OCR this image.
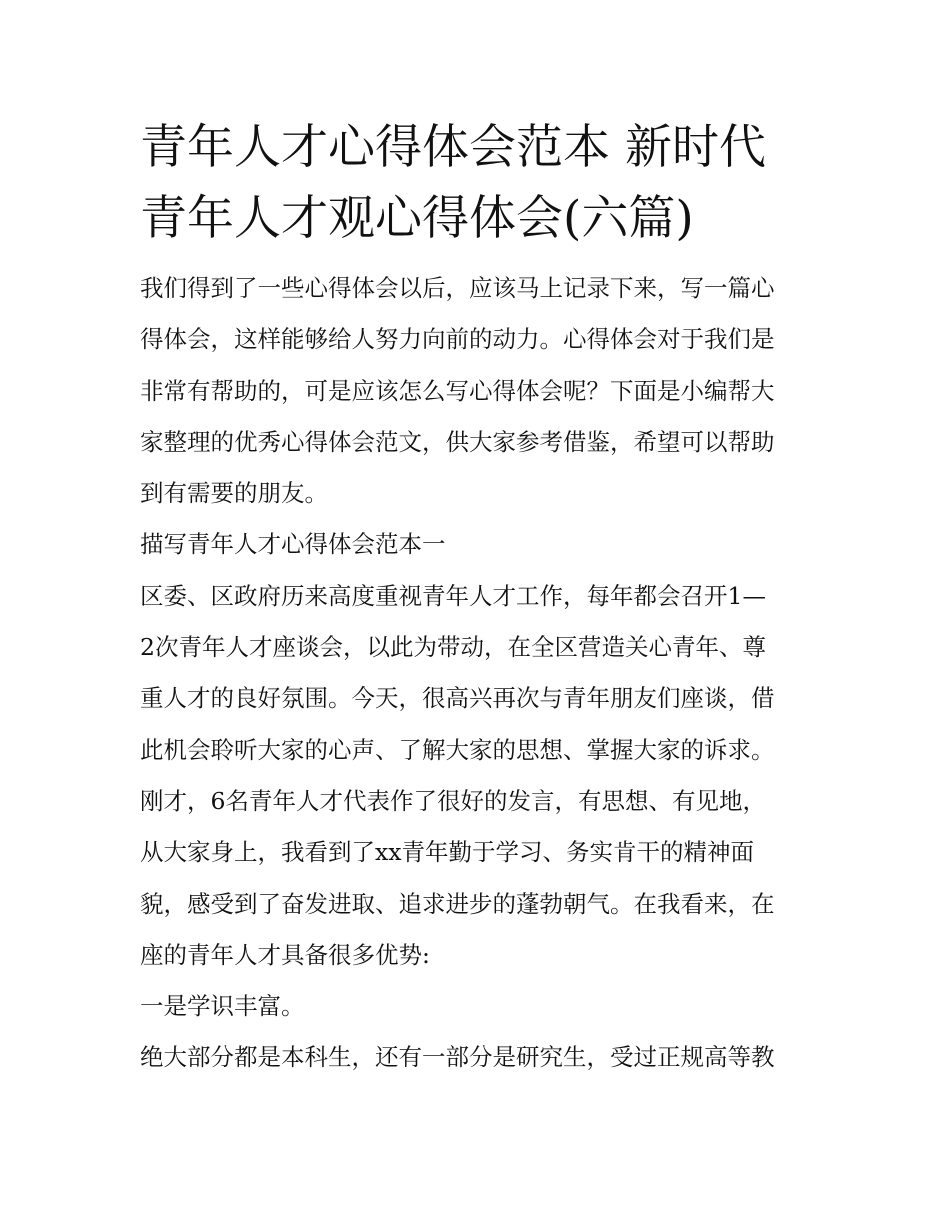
青年人才心得体会范本 新时代
青年人才观心得体会(六篇)

我们得到了一些心得体会以后，应该马上记录下来，写一篇心
得体会，这样能够给人努力向前的动力。心得体会对于我们是
非常有帮助的，可是应该怎么写心得体会呢？下面是小编帮大
家整理的优秀心得体会范文，供大家参考借鉴，希望可以帮助
到有需要的朋友。

描写青年人才心得体会范本一

区委、区政府历来高度重视青年人才工作，每年都会召开1—
2次青年人才座谈会，以此为带动，在全区营造关心青年、尊
重人才的良好氛围。今天，很高兴再次与青年朋友们座谈，借
此机会聆听大家的心声、了解大家的思想、掌握大家的诉求。
刚才，6名青年人才代表作了很好的发言，有思想、有见地，
从大家身上，我看到了xx青年勤于学习、务实肯干的精神面
貌，感受到了奋发进取、追求进步的蓬勃朝气。在我看来，在
座的青年人才具备很多优势:

一是学识丰富。

绝大部分都是本科生，还有一部分是研究生，受过正规高等教
